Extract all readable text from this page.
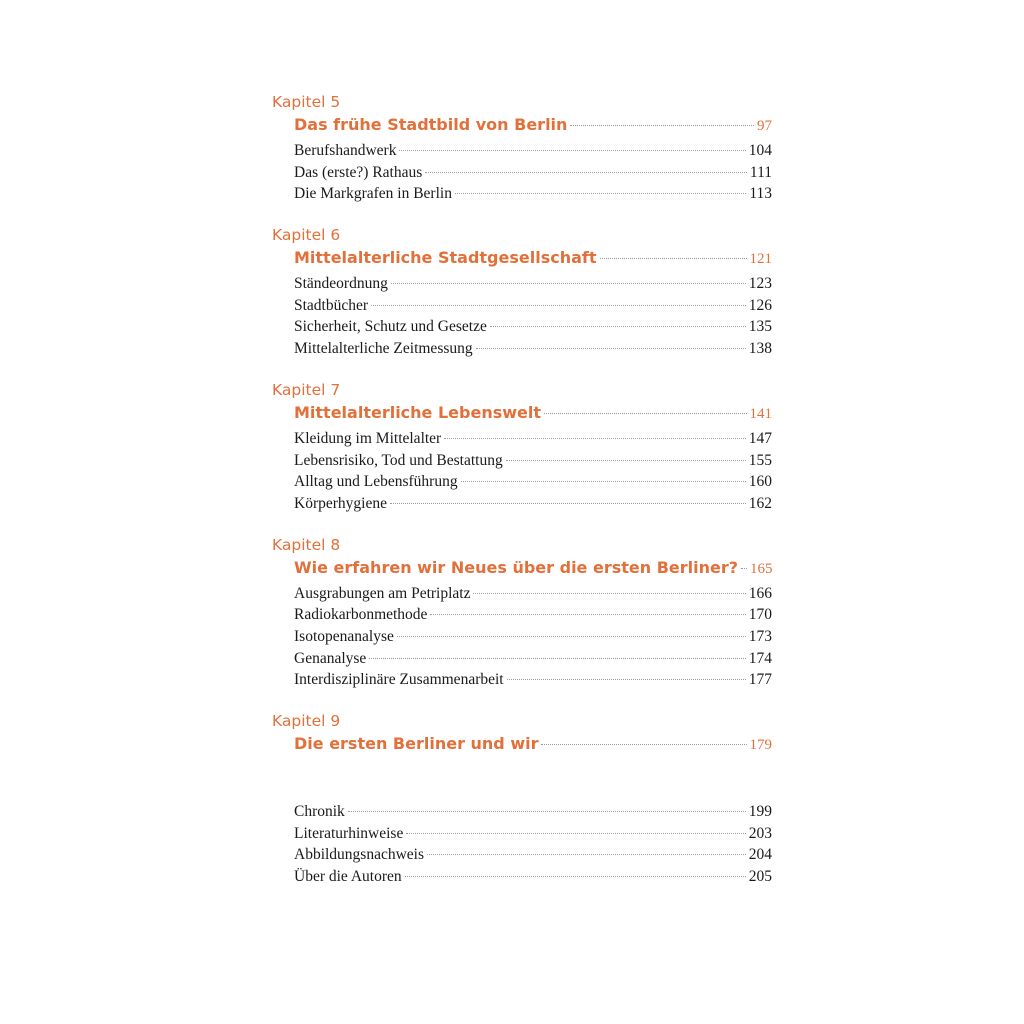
Kapitel 5
Das frühe Stadtbild von Berlin	97
Berufshandwerk	104
Das (erste?) Rathaus	111
Die Markgrafen in Berlin	113
Kapitel 6
Mittelalterliche Stadtgesellschaft	121
Ständeordnung	123
Stadtbücher	126
Sicherheit, Schutz und Gesetze	135
Mittelalterliche Zeitmessung	138
Kapitel 7
Mittelalterliche Lebenswelt	141
Kleidung im Mittelalter	147
Lebensrisiko, Tod und Bestattung	155
Alltag und Lebensführung	160
Körperhygiene	162
Kapitel 8
Wie erfahren wir Neues über die ersten Berliner? 165
Ausgrabungen am Petriplatz	166
Radiokarbonmethode	170
Isotopenanalyse	173
Genanalyse	174
Interdisziplinäre Zusammenarbeit	177
Kapitel 9
Die ersten Berliner und wir	179
Chronik	199
Literaturhinweise	203
Abbildungsnachweis	204
Über die Autoren	205
